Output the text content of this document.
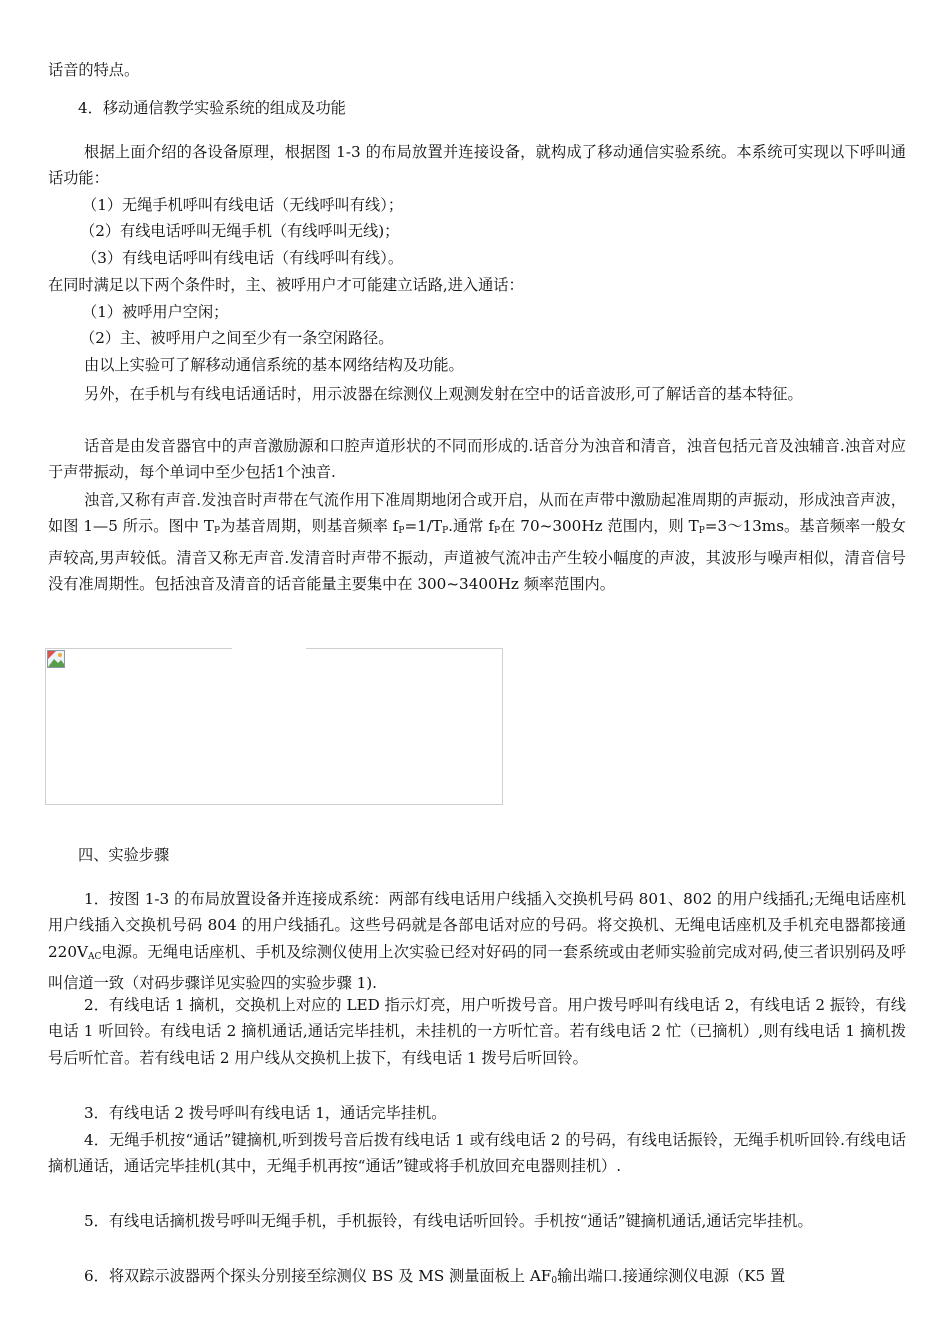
话音的特点。

4．移动通信教学实验系统的组成及功能

根据上面介绍的各设备原理，根据图 1-3 的布局放置并连接设备，就构成了移动通信实验系统。本系统可实现以下呼叫通话功能：

（1）无绳手机呼叫有线电话（无线呼叫有线）；

（2）有线电话呼叫无绳手机（有线呼叫无线)；

（3）有线电话呼叫有线电话（有线呼叫有线）。

在同时满足以下两个条件时，主、被呼用户才可能建立话路,进入通话：

（1）被呼用户空闲；

（2）主、被呼用户之间至少有一条空闲路径。

由以上实验可了解移动通信系统的基本网络结构及功能。

另外，在手机与有线电话通话时，用示波器在综测仪上观测发射在空中的话音波形,可了解话音的基本特征。

话音是由发音器官中的声音激励源和口腔声道形状的不同而形成的.话音分为浊音和清音，浊音包括元音及浊辅音.浊音对应于声带振动，每个单词中至少包括1个浊音.

浊音,又称有声音.发浊音时声带在气流作用下准周期地闭合或开启，从而在声带中激励起准周期的声振动，形成浊音声波，如图 1—5 所示。图中 $T_P$为基音周期，则基音频率 $f_P=1/T_P$.通常 $f_P$在 70~300Hz 范围内，则 $T_P=3\sim 13ms$。基音频率一般女声较高,男声较低。清音又称无声音.发清音时声带不振动，声道被气流冲击产生较小幅度的声波，其波形与噪声相似，清音信号没有准周期性。包括浊音及清音的话音能量主要集中在 300~3400Hz 频率范围内。

四、实验步骤

1．按图 1-3 的布局放置设备并连接成系统：两部有线电话用户线插入交换机号码 801、802 的用户线插孔;无绳电话座机用户线插入交换机号码 804 的用户线插孔。这些号码就是各部电话对应的号码。将交换机、无绳电话座机及手机充电器都接通 $220V_{AC}$电源。无绳电话座机、手机及综测仪使用上次实验已经对好码的同一套系统或由老师实验前完成对码,使三者识别码及呼叫信道一致（对码步骤详见实验四的实验步骤 1).

2．有线电话 1 摘机，交换机上对应的 LED 指示灯亮，用户听拨号音。用户拨号呼叫有线电话 2，有线电话 2 振铃，有线电话 1 听回铃。有线电话 2 摘机通话,通话完毕挂机，未挂机的一方听忙音。若有线电话 2 忙（已摘机）,则有线电话 1 摘机拨号后听忙音。若有线电话 2 用户线从交换机上拔下，有线电话 1 拨号后听回铃。

3．有线电话 2 拨号呼叫有线电话 1，通话完毕挂机。

4．无绳手机按“通话”键摘机,听到拨号音后拨有线电话 1 或有线电话 2 的号码，有线电话振铃，无绳手机听回铃.有线电话摘机通话，通话完毕挂机(其中，无绳手机再按“通话”键或将手机放回充电器则挂机）.

5．有线电话摘机拨号呼叫无绳手机，手机振铃，有线电话听回铃。手机按“通话”键摘机通话,通话完毕挂机。

6．将双踪示波器两个探头分别接至综测仪 BS 及 MS 测量面板上 $AF_0$输出端口.接通综测仪电源（K5 置
